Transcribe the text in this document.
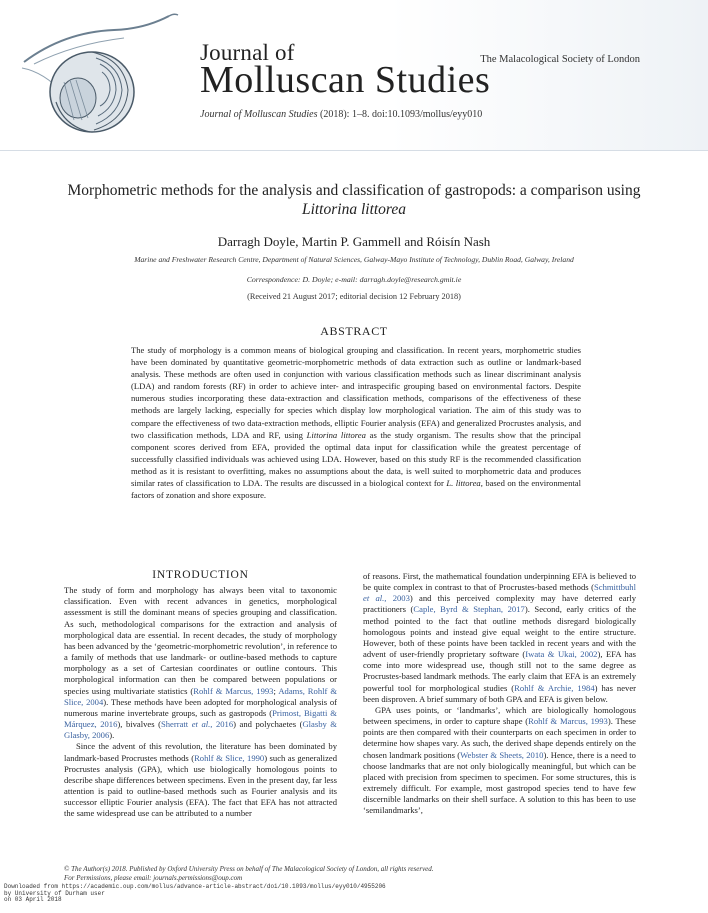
Journal of
Molluscan Studies
The Malacological Society of London
Journal of Molluscan Studies (2018): 1–8. doi:10.1093/mollus/eyy010
Morphometric methods for the analysis and classification of gastropods: a comparison using Littorina littorea
Darragh Doyle, Martin P. Gammell and Róisín Nash
Marine and Freshwater Research Centre, Department of Natural Sciences, Galway-Mayo Institute of Technology, Dublin Road, Galway, Ireland
Correspondence: D. Doyle; e-mail: darragh.doyle@research.gmit.ie
(Received 21 August 2017; editorial decision 12 February 2018)
ABSTRACT
The study of morphology is a common means of biological grouping and classification. In recent years, morphometric studies have been dominated by quantitative geometric-morphometric methods of data extraction such as outline or landmark-based analysis. These methods are often used in conjunction with various classification methods such as linear discriminant analysis (LDA) and random forests (RF) in order to achieve inter- and intraspecific grouping based on environmental factors. Despite numerous studies incorporating these data-extraction and classification methods, comparisons of the effectiveness of these methods are largely lacking, especially for species which display low morphological variation. The aim of this study was to compare the effectiveness of two data-extraction methods, elliptic Fourier analysis (EFA) and generalized Procrustes analysis, and two classification methods, LDA and RF, using Littorina littorea as the study organism. The results show that the principal component scores derived from EFA, provided the optimal data input for classification while the greatest percentage of successfully classified individuals was achieved using LDA. However, based on this study RF is the recommended classification method as it is resistant to overfitting, makes no assumptions about the data, is well suited to morphometric data and produces similar rates of classification to LDA. The results are discussed in a biological context for L. littorea, based on the environmental factors of zonation and shore exposure.
INTRODUCTION

The study of form and morphology has always been vital to taxonomic classification. Even with recent advances in genetics, morphological assessment is still the dominant means of species grouping and classification. As such, methodological comparisons for the extraction and analysis of morphological data are essential. In recent decades, the study of morphology has been advanced by the ‘geometric-morphometric revolution’, in reference to a family of methods that use landmark- or outline-based methods to capture morphology as a set of Cartesian coordinates or outline contours. This morphological information can then be compared between populations or species using multivariate statistics (Rohlf & Marcus, 1993; Adams, Rohlf & Slice, 2004). These methods have been adopted for morphological analysis of numerous marine invertebrate groups, such as gastropods (Primost, Bigatti & Márquez, 2016), bivalves (Sherratt et al., 2016) and polychaetes (Glasby & Glasby, 2006).

Since the advent of this revolution, the literature has been dominated by landmark-based Procrustes methods (Rohlf & Slice, 1990) such as generalized Procrustes analysis (GPA), which use biologically homologous points to describe shape differences between specimens. Even in the present day, far less attention is paid to outline-based methods such as Fourier analysis and its successor elliptic Fourier analysis (EFA). The fact that EFA has not attracted the same widespread use can be attributed to a number

of reasons. First, the mathematical foundation underpinning EFA is believed to be quite complex in contrast to that of Procrustes-based methods (Schmittbuhl et al., 2003) and this perceived complexity may have deterred early practitioners (Caple, Byrd & Stephan, 2017). Second, early critics of the method pointed to the fact that outline methods disregard biologically homologous points and instead give equal weight to the entire structure. However, both of these points have been tackled in recent years and with the advent of user-friendly proprietary software (Iwata & Ukai, 2002), EFA has come into more widespread use, though still not to the same degree as Procrustes-based landmark methods. The early claim that EFA is an extremely powerful tool for morphological studies (Rohlf & Archie, 1984) has never been disproven. A brief summary of both GPA and EFA is given below.

GPA uses points, or ‘landmarks’, which are biologically homologous between specimens, in order to capture shape (Rohlf & Marcus, 1993). These points are then compared with their counterparts on each specimen in order to determine how shapes vary. As such, the derived shape depends entirely on the chosen landmark positions (Webster & Sheets, 2010). Hence, there is a need to choose landmarks that are not only biologically meaningful, but which can be placed with precision from specimen to specimen. For some structures, this is extremely difficult. For example, most gastropod species tend to have few discernible landmarks on their shell surface. A solution to this has been to use ‘semilandmarks’,

© The Author(s) 2018. Published by Oxford University Press on behalf of The Malacological Society of London, all rights reserved.
For Permissions, please email: journals.permissions@oup.com
Downloaded from https://academic.oup.com/mollus/advance-article-abstract/doi/10.1093/mollus/eyy010/4955206
by University of Durham user
on 03 April 2018
